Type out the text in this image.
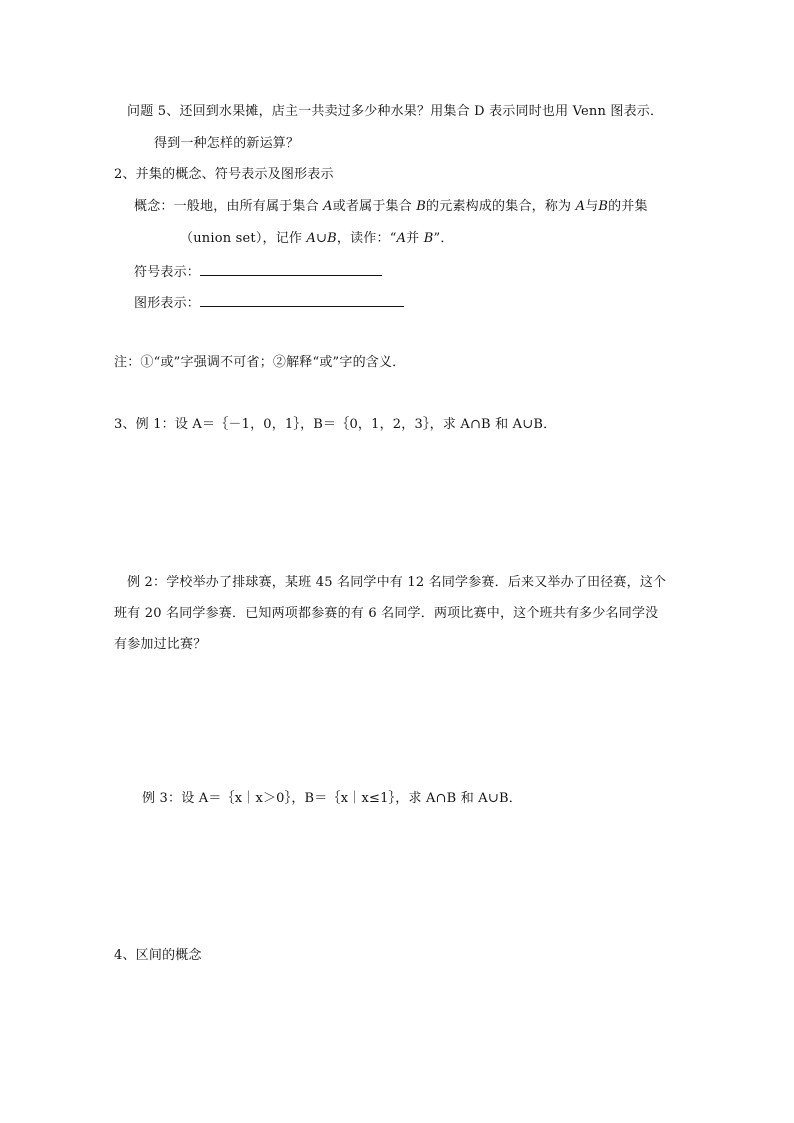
问题 5、还回到水果摊，店主一共卖过多少种水果？用集合 D 表示同时也用 Venn 图表示．

得到一种怎样的新运算？

2、并集的概念、符号表示及图形表示

概念：一般地，由所有属于集合 A或者属于集合 B的元素构成的集合，称为 A与B的并集

（union set），记作 A∪B，读作：“A并 B”．

符号表示：

图形表示：

注：①“或”字强调不可省；②解释“或”字的含义．

3、例 1：设 A＝｛－1，0，1｝，B＝｛0，1，2，3｝，求 A∩B 和 A∪B．

例 2：学校举办了排球赛，某班 45 名同学中有 12 名同学参赛．后来又举办了田径赛，这个

班有 20 名同学参赛．已知两项都参赛的有 6 名同学．两项比赛中，这个班共有多少名同学没

有参加过比赛？

例 3：设 A＝｛x｜x＞0｝，B＝｛x｜x≤1｝，求 A∩B 和 A∪B．

4、区间的概念
